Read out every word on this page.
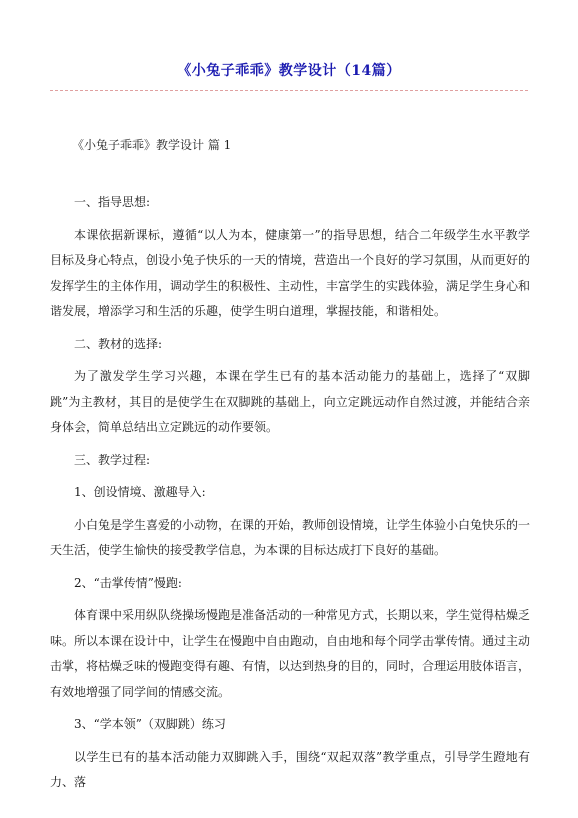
《小兔子乖乖》教学设计（14篇）
《小兔子乖乖》教学设计 篇 1

一、指导思想:

本课依据新课标，遵循“以人为本，健康第一”的指导思想，结合二年级学生水平教学目标及身心特点，创设小兔子快乐的一天的情境，营造出一个良好的学习氛围，从而更好的发挥学生的主体作用，调动学生的积极性、主动性，丰富学生的实践体验，满足学生身心和谐发展，增添学习和生活的乐趣，使学生明白道理，掌握技能，和谐相处。

二、教材的选择:

为了激发学生学习兴趣，本课在学生已有的基本活动能力的基础上，选择了“双脚跳”为主教材，其目的是使学生在双脚跳的基础上，向立定跳远动作自然过渡，并能结合亲身体会，简单总结出立定跳远的动作要领。

三、教学过程:

1、创设情境、激趣导入:

小白兔是学生喜爱的小动物，在课的开始，教师创设情境，让学生体验小白兔快乐的一天生活，使学生愉快的接受教学信息，为本课的目标达成打下良好的基础。

2、“击掌传情”慢跑:

体育课中采用纵队绕操场慢跑是准备活动的一种常见方式，长期以来，学生觉得枯燥乏味。所以本课在设计中，让学生在慢跑中自由跑动，自由地和每个同学击掌传情。通过主动击掌，将枯燥乏味的慢跑变得有趣、有情，以达到热身的目的，同时，合理运用肢体语言，有效地增强了同学间的情感交流。

3、“学本领”（双脚跳）练习

以学生已有的基本活动能力双脚跳入手，围绕“双起双落”教学重点，引导学生蹬地有力、落
